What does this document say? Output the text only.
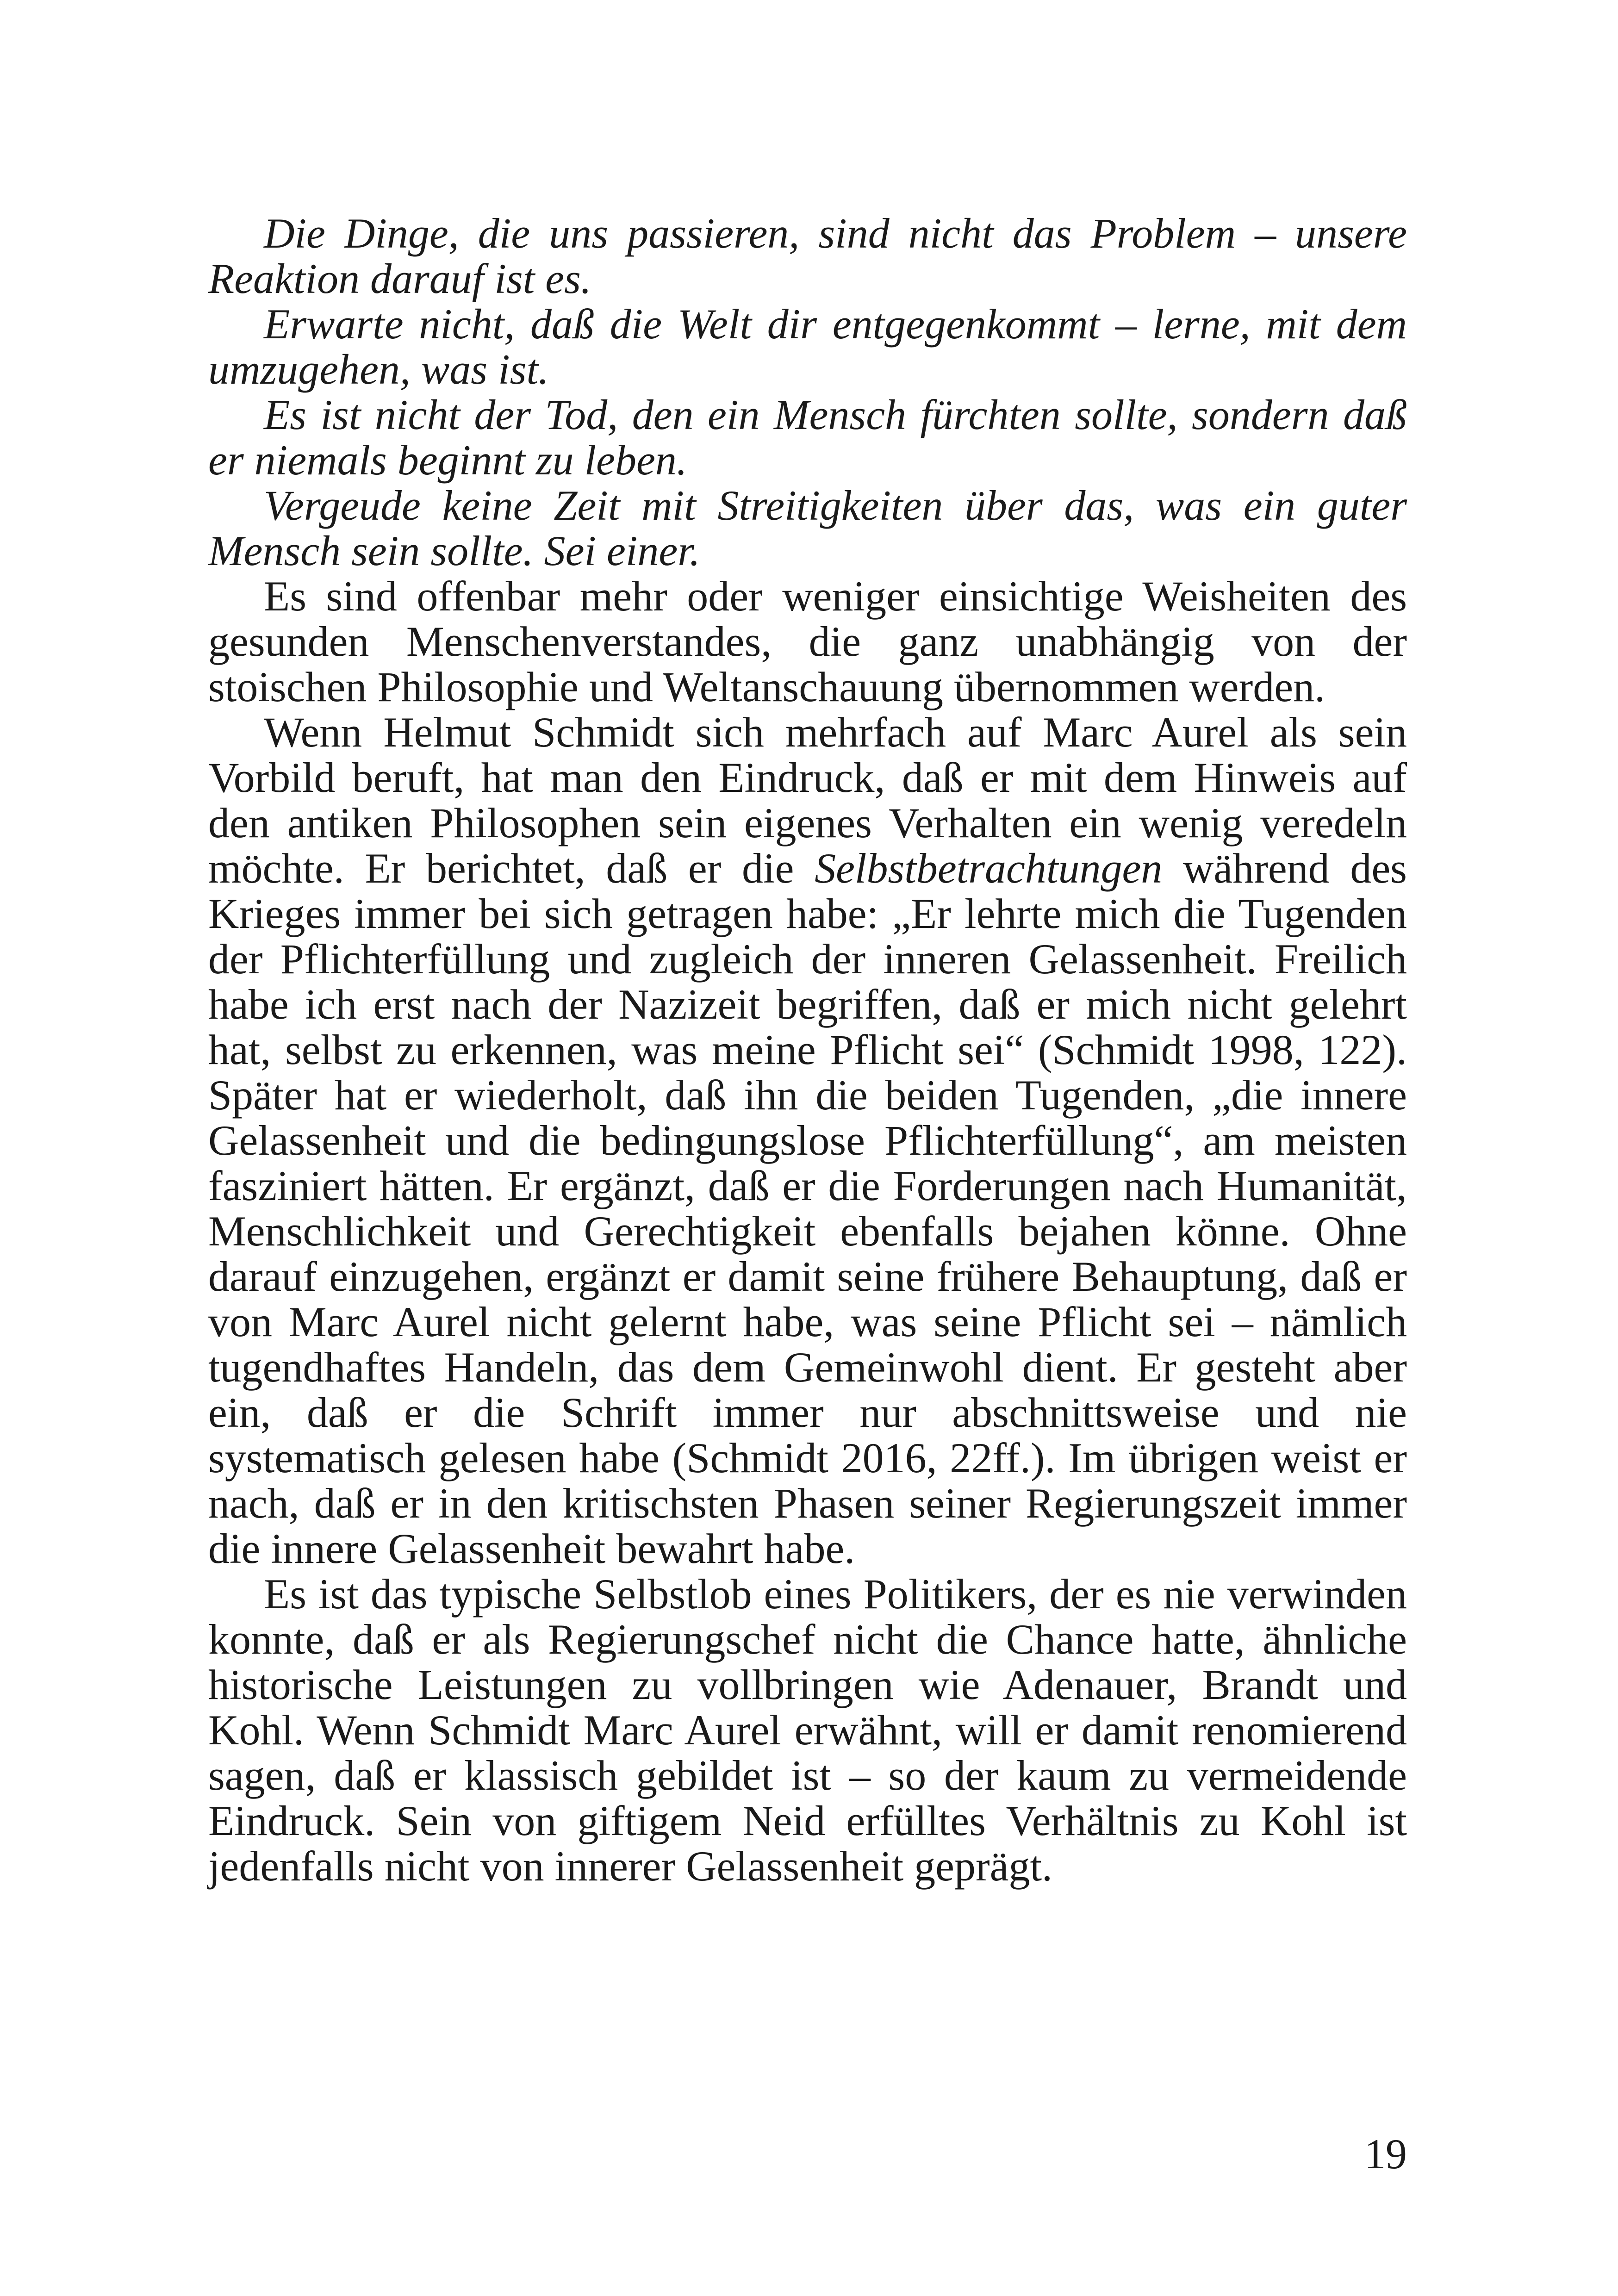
Die Dinge, die uns passieren, sind nicht das Problem – unsere Reaktion darauf ist es.

Erwarte nicht, daß die Welt dir entgegenkommt – lerne, mit dem umzugehen, was ist.

Es ist nicht der Tod, den ein Mensch fürchten sollte, sondern daß er niemals beginnt zu leben.

Vergeude keine Zeit mit Streitigkeiten über das, was ein guter Mensch sein sollte. Sei einer.

Es sind offenbar mehr oder weniger einsichtige Weisheiten des gesunden Menschenverstandes, die ganz unabhängig von der stoischen Philosophie und Weltanschauung übernommen werden.

Wenn Helmut Schmidt sich mehrfach auf Marc Aurel als sein Vorbild beruft, hat man den Eindruck, daß er mit dem Hinweis auf den antiken Philosophen sein eigenes Verhalten ein wenig veredeln möchte. Er berichtet, daß er die Selbstbetrachtungen während des Krieges immer bei sich getragen habe: „Er lehrte mich die Tugenden der Pflichterfüllung und zugleich der inneren Gelassenheit. Freilich habe ich erst nach der Nazizeit begriffen, daß er mich nicht gelehrt hat, selbst zu erkennen, was meine Pflicht sei“ (Schmidt 1998, 122). Später hat er wiederholt, daß ihn die beiden Tugenden, „die innere Gelassenheit und die bedingungslose Pflichterfüllung“, am meisten fasziniert hätten. Er ergänzt, daß er die Forderungen nach Humanität, Menschlichkeit und Gerechtigkeit ebenfalls bejahen könne. Ohne darauf einzugehen, ergänzt er damit seine frühere Behauptung, daß er von Marc Aurel nicht gelernt habe, was seine Pflicht sei – nämlich tugendhaftes Handeln, das dem Gemeinwohl dient. Er gesteht aber ein, daß er die Schrift immer nur abschnittsweise und nie systematisch gelesen habe (Schmidt 2016, 22ff.). Im übrigen weist er nach, daß er in den kritischsten Phasen seiner Regierungszeit immer die innere Gelassenheit bewahrt habe.

Es ist das typische Selbstlob eines Politikers, der es nie verwinden konnte, daß er als Regierungschef nicht die Chance hatte, ähnliche historische Leistungen zu vollbringen wie Adenauer, Brandt und Kohl. Wenn Schmidt Marc Aurel erwähnt, will er damit renomierend sagen, daß er klassisch gebildet ist – so der kaum zu vermeidende Eindruck. Sein von giftigem Neid erfülltes Verhältnis zu Kohl ist jedenfalls nicht von innerer Gelassenheit geprägt.

19
